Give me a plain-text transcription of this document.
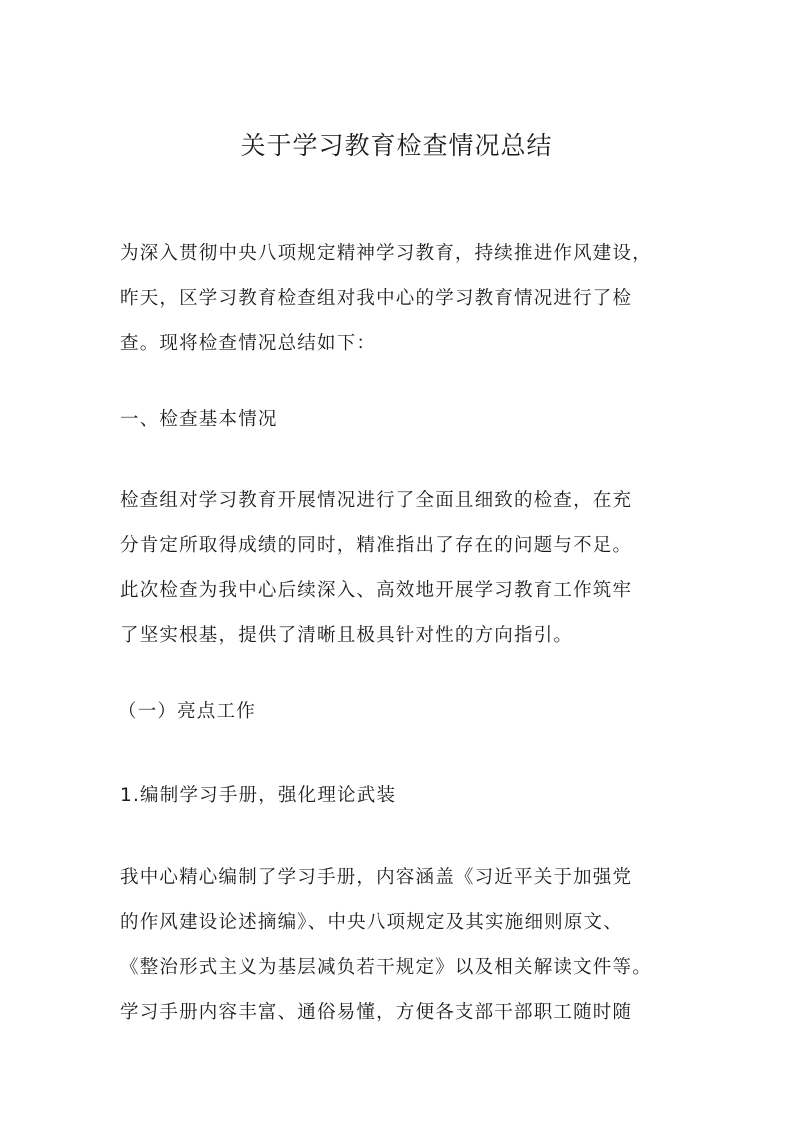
关于学习教育检查情况总结

为深入贯彻中央八项规定精神学习教育，持续推进作风建设，
昨天，区学习教育检查组对我中心的学习教育情况进行了检
查。现将检查情况总结如下：

一、检查基本情况

检查组对学习教育开展情况进行了全面且细致的检查，在充
分肯定所取得成绩的同时，精准指出了存在的问题与不足。
此次检查为我中心后续深入、高效地开展学习教育工作筑牢
了坚实根基，提供了清晰且极具针对性的方向指引。

（一）亮点工作
1.编制学习手册，强化理论武装

我中心精心编制了学习手册，内容涵盖《习近平关于加强党
的作风建设论述摘编》、中央八项规定及其实施细则原文、
《整治形式主义为基层减负若干规定》以及相关解读文件等。
学习手册内容丰富、通俗易懂，方便各支部干部职工随时随
